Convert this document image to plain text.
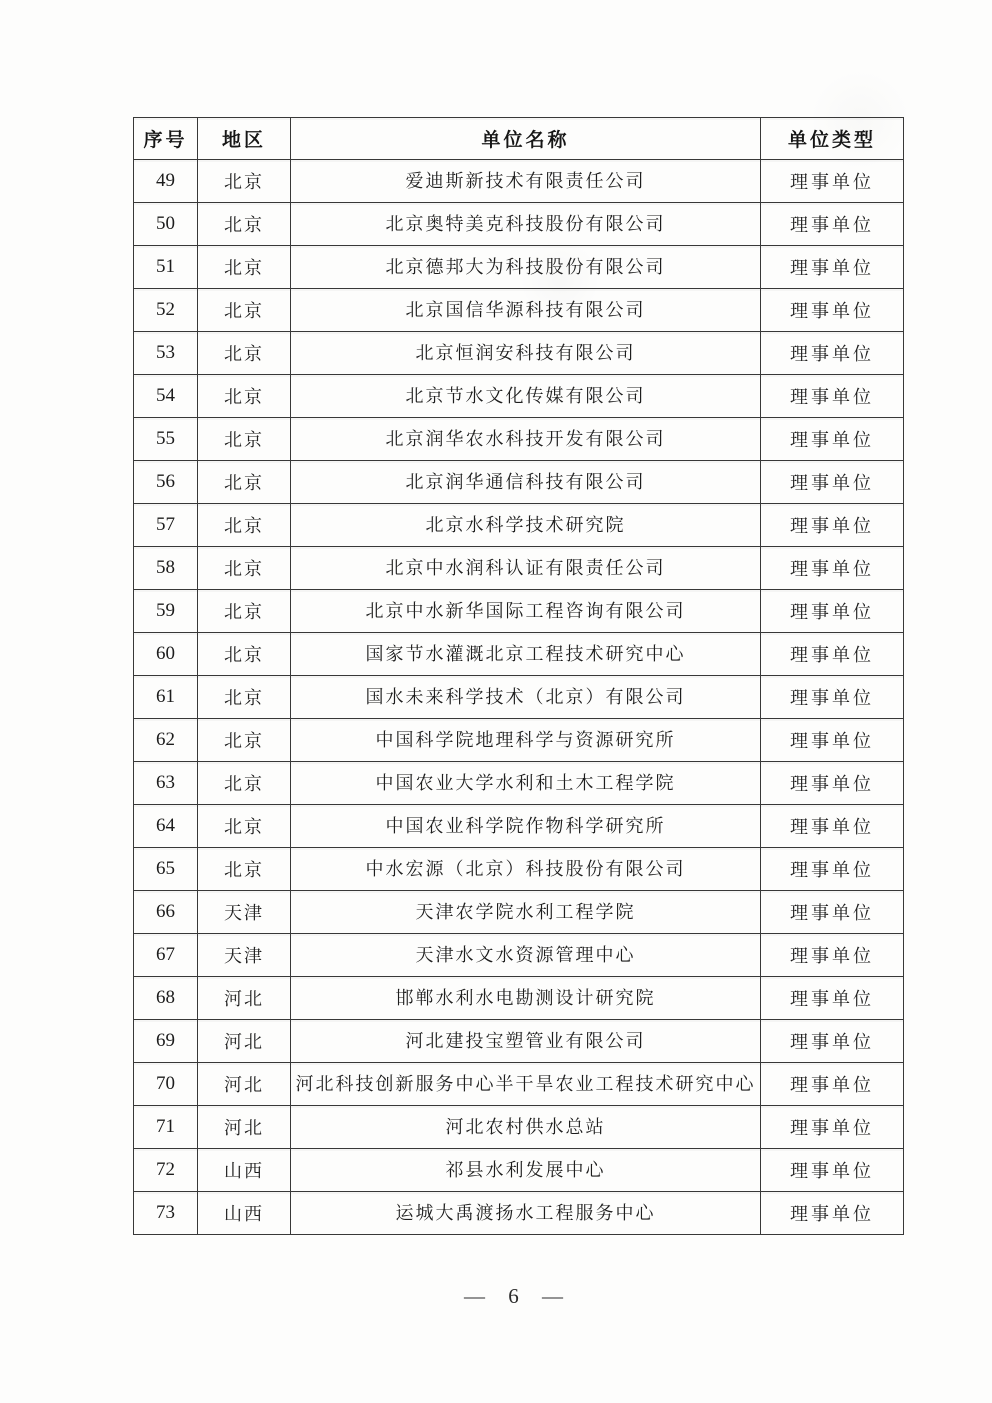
序号	地区	单位名称	单位类型
49	北京	爱迪斯新技术有限责任公司	理事单位
50	北京	北京奥特美克科技股份有限公司	理事单位
51	北京	北京德邦大为科技股份有限公司	理事单位
52	北京	北京国信华源科技有限公司	理事单位
53	北京	北京恒润安科技有限公司	理事单位
54	北京	北京节水文化传媒有限公司	理事单位
55	北京	北京润华农水科技开发有限公司	理事单位
56	北京	北京润华通信科技有限公司	理事单位
57	北京	北京水科学技术研究院	理事单位
58	北京	北京中水润科认证有限责任公司	理事单位
59	北京	北京中水新华国际工程咨询有限公司	理事单位
60	北京	国家节水灌溉北京工程技术研究中心	理事单位
61	北京	国水未来科学技术（北京）有限公司	理事单位
62	北京	中国科学院地理科学与资源研究所	理事单位
63	北京	中国农业大学水利和土木工程学院	理事单位
64	北京	中国农业科学院作物科学研究所	理事单位
65	北京	中水宏源（北京）科技股份有限公司	理事单位
66	天津	天津农学院水利工程学院	理事单位
67	天津	天津水文水资源管理中心	理事单位
68	河北	邯郸水利水电勘测设计研究院	理事单位
69	河北	河北建投宝塑管业有限公司	理事单位
70	河北	河北科技创新服务中心半干旱农业工程技术研究中心	理事单位
71	河北	河北农村供水总站	理事单位
72	山西	祁县水利发展中心	理事单位
73	山西	运城大禹渡扬水工程服务中心	理事单位
— 6 —
